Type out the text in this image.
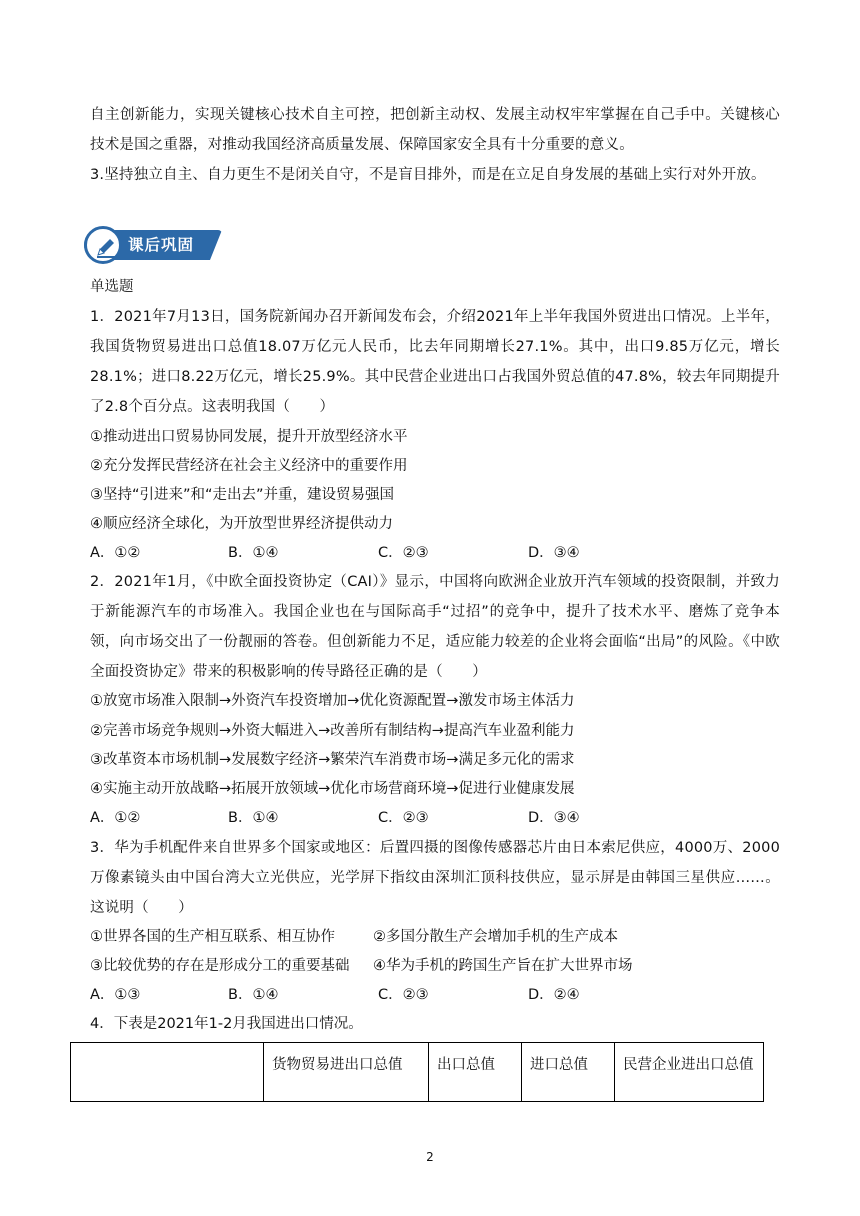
自主创新能力，实现关键核心技术自主可控，把创新主动权、发展主动权牢牢掌握在自己手中。关键核心技术是国之重器，对推动我国经济高质量发展、保障国家安全具有十分重要的意义。

3.坚持独立自主、自力更生不是闭关自守，不是盲目排外，而是在立足自身发展的基础上实行对外开放。

课后巩固

单选题

1．2021年7月13日，国务院新闻办召开新闻发布会，介绍2021年上半年我国外贸进出口情况。上半年，我国货物贸易进出口总值18.07万亿元人民币，比去年同期增长27.1%。其中，出口9.85万亿元，增长28.1%；进口8.22万亿元，增长25.9%。其中民营企业进出口占我国外贸总值的47.8%，较去年同期提升了2.8个百分点。这表明我国（　　）

①推动进出口贸易协同发展，提升开放型经济水平

②充分发挥民营经济在社会主义经济中的重要作用

③坚持“引进来”和“走出去”并重，建设贸易强国

④顺应经济全球化，为开放型世界经济提供动力

A．①②	B．①④	C．②③	D．③④

2．2021年1月，《中欧全面投资协定（CAI）》显示，中国将向欧洲企业放开汽车领域的投资限制，并致力于新能源汽车的市场准入。我国企业也在与国际高手“过招”的竞争中，提升了技术水平、磨炼了竞争本领，向市场交出了一份靓丽的答卷。但创新能力不足，适应能力较差的企业将会面临“出局”的风险。《中欧全面投资协定》带来的积极影响的传导路径正确的是（　　）

①放宽市场准入限制→外资汽车投资增加→优化资源配置→激发市场主体活力

②完善市场竞争规则→外资大幅进入→改善所有制结构→提高汽车业盈利能力

③改革资本市场机制→发展数字经济→繁荣汽车消费市场→满足多元化的需求

④实施主动开放战略→拓展开放领域→优化市场营商环境→促进行业健康发展

A．①②	B．①④	C．②③	D．③④

3．华为手机配件来自世界多个国家或地区：后置四摄的图像传感器芯片由日本索尼供应，4000万、2000万像素镜头由中国台湾大立光供应，光学屏下指纹由深圳汇顶科技供应，显示屏是由韩国三星供应……。这说明（　　）

①世界各国的生产相互联系、相互协作	②多国分散生产会增加手机的生产成本
③比较优势的存在是形成分工的重要基础 ④华为手机的跨国生产旨在扩大世界市场
A．①③	B．①④	C．②③	D．②④

4．下表是2021年1-2月我国进出口情况。

	货物贸易进出口总值	出口总值	进口总值	民营企业进出口总值
2
